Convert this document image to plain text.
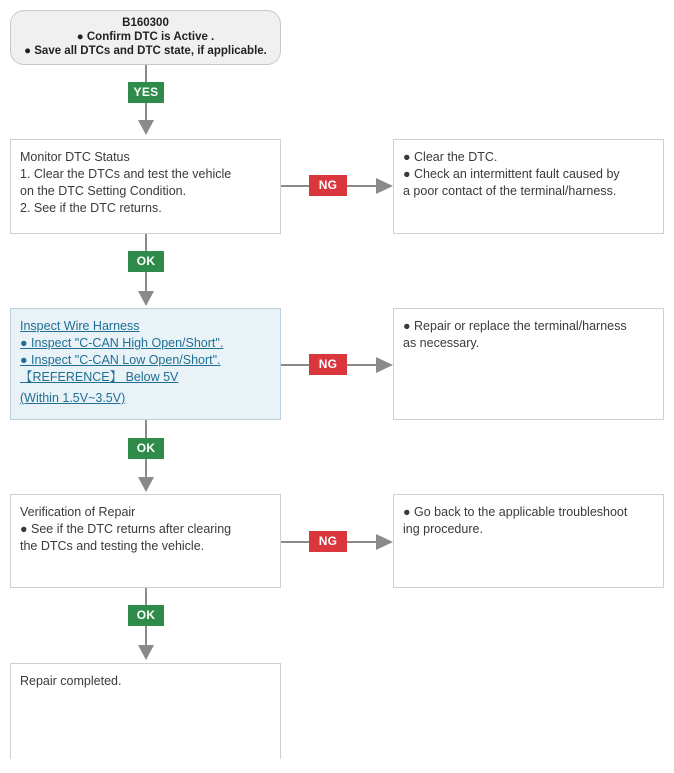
B160300
● Confirm DTC is Active .
● Save all DTCs and DTC state, if applicable.
YES
Monitor DTC Status
1. Clear the DTCs and test the vehicle
on the DTC Setting Condition.
2. See if the DTC returns.
NG
● Clear the DTC.
● Check an intermittent fault caused by
a poor contact of the terminal/harness.
OK
Inspect Wire Harness
● Inspect "C-CAN High Open/Short".
● Inspect "C-CAN Low Open/Short".
【REFERENCE】 Below 5V
(Within 1.5V~3.5V)
NG
● Repair or replace the terminal/harness
as necessary.
OK
Verification of Repair
● See if the DTC returns after clearing
the DTCs and testing the vehicle.	NG
● Go back to the applicable troubleshoot
ing procedure.
OK
Repair completed.
